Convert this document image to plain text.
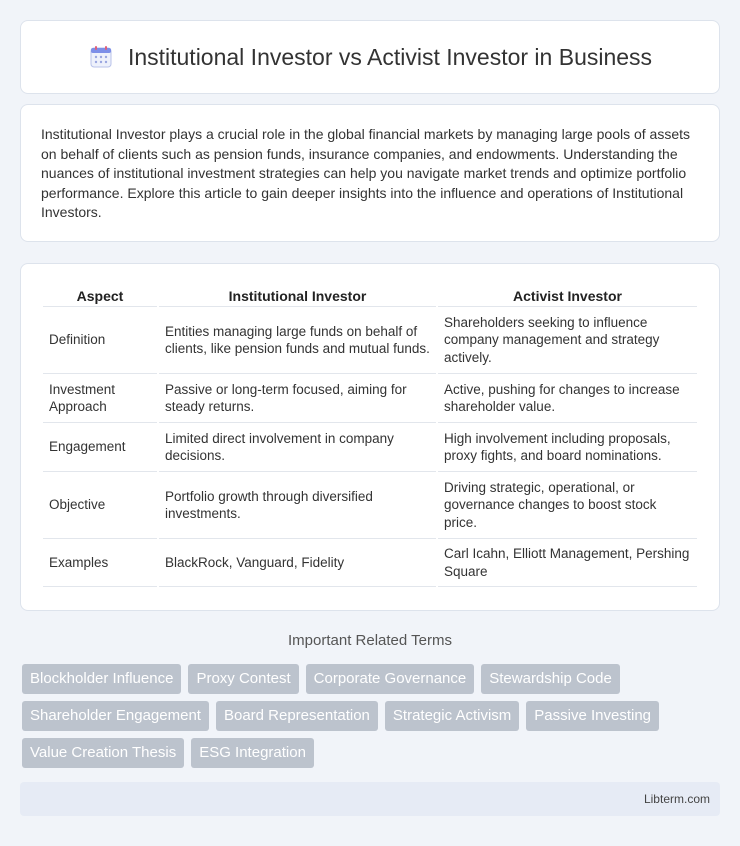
Institutional Investor vs Activist Investor in Business

Institutional Investor plays a crucial role in the global financial markets by managing large pools of assets on behalf of clients such as pension funds, insurance companies, and endowments. Understanding the nuances of institutional investment strategies can help you navigate market trends and optimize portfolio performance. Explore this article to gain deeper insights into the influence and operations of Institutional Investors.

Aspect	Institutional Investor	Activist Investor
Definition	Entities managing large funds on behalf of clients, like pension funds and mutual funds.	Shareholders seeking to influence company management and strategy actively.
Investment Approach	Passive or long-term focused, aiming for steady returns.	Active, pushing for changes to increase shareholder value.
Engagement	Limited direct involvement in company decisions.	High involvement including proposals, proxy fights, and board nominations.
Objective	Portfolio growth through diversified investments.	Driving strategic, operational, or governance changes to boost stock price.
Examples	BlackRock, Vanguard, Fidelity	Carl Icahn, Elliott Management, Pershing Square
Important Related Terms
Blockholder Influence	Proxy Contest	Corporate Governance	Stewardship Code
Shareholder Engagement	Board Representation	Strategic Activism	Passive Investing
Value Creation Thesis	ESG Integration
Libterm.com
